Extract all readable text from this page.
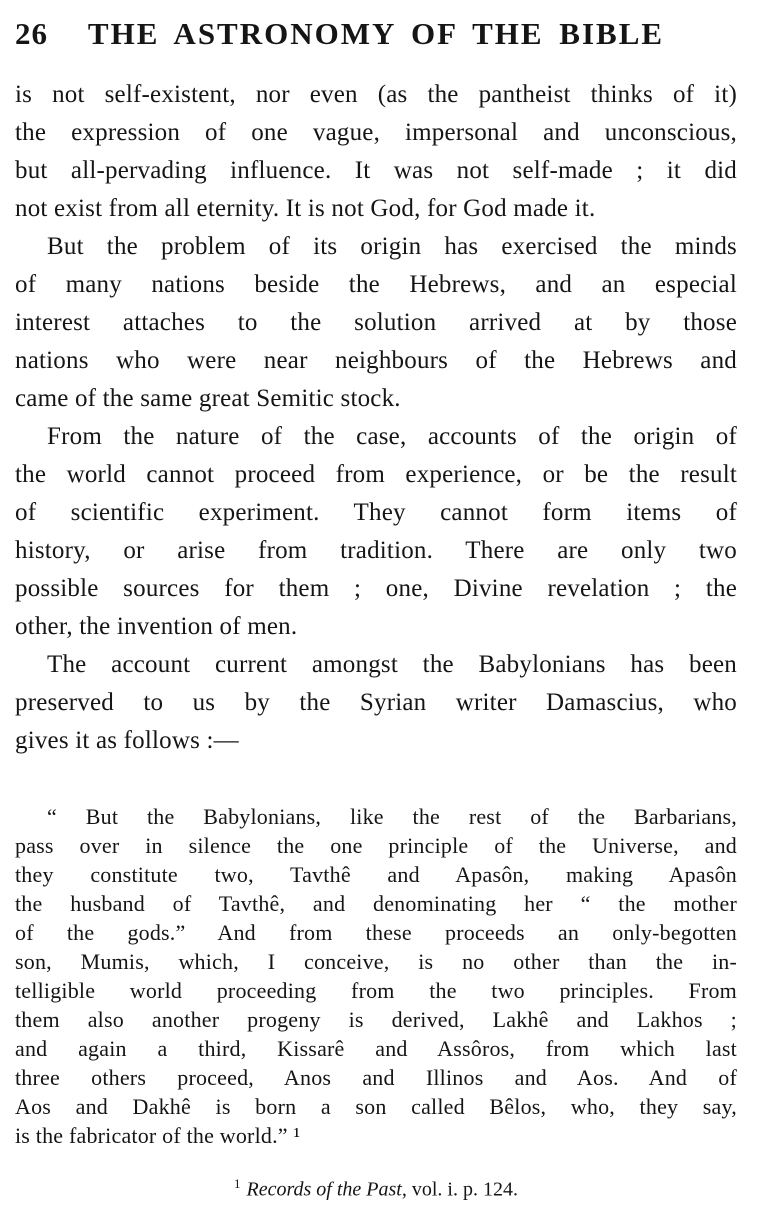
26	THE ASTRONOMY OF THE BIBLE
is not self-existent, nor even (as the pantheist thinks of it)
the expression of one vague, impersonal and unconscious,
but all-pervading influence. It was not self-made ; it did
not exist from all eternity. It is not God, for God made it.
But the problem of its origin has exercised the minds
of many nations beside the Hebrews, and an especial
interest attaches to the solution arrived at by those
nations who were near neighbours of the Hebrews and
came of the same great Semitic stock.
From the nature of the case, accounts of the origin of
the world cannot proceed from experience, or be the result
of scientific experiment. They cannot form items of
history, or arise from tradition. There are only two
possible sources for them ; one, Divine revelation ; the
other, the invention of men.
The account current amongst the Babylonians has been
preserved to us by the Syrian writer Damascius, who
gives it as follows :—
“ But the Babylonians, like the rest of the Barbarians,
pass over in silence the one principle of the Universe, and
they constitute two, Tavthê and Apasôn, making Apasôn
the husband of Tavthê, and denominating her “ the mother
of the gods.” And from these proceeds an only-begotten
son, Mumis, which, I conceive, is no other than the in-
telligible world proceeding from the two principles. From
them also another progeny is derived, Lakhê and Lakhos ;
and again a third, Kissarê and Assôros, from which last
three others proceed, Anos and Illinos and Aos. And of
Aos and Dakhê is born a son called Bêlos, who, they say,
is the fabricator of the world.” ¹
$^1$ Records of the Past, vol. i. p. 124.
